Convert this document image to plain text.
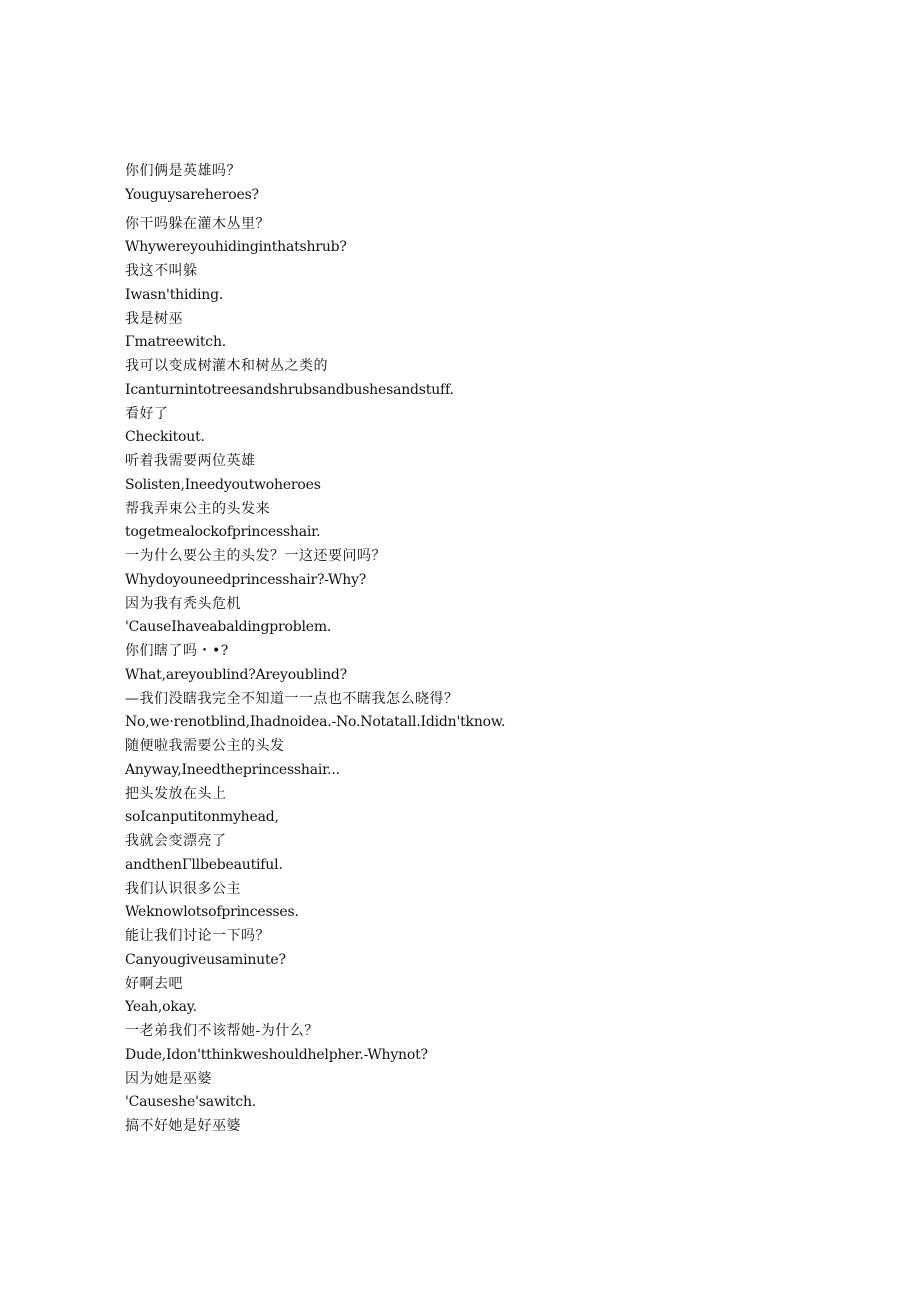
你们俩是英雄吗？
Youguysareheroes?
你干吗躲在灌木丛里？
Whywereyouhidinginthatshrub?
我这不叫躲
Iwasn'thiding.
我是树巫
Γmatreewitch.
我可以变成树灌木和树丛之类的
Icanturnintotreesandshrubsandbushesandstuff.
看好了
Checkitout.
听着我需要两位英雄
Solisten,Ineedyoutwoheroes
帮我弄束公主的头发来
togetmealockofprincesshair.
一为什么要公主的头发？一这还要问吗？
Whydoyouneedprincesshair?-Why?
因为我有秃头危机
'CauseIhaveabaldingproblem.
你们瞎了吗・•?
What,areyoublind?Areyoublind?
—我们没瞎我完全不知道一一点也不瞎我怎么晓得？
No,we·renotblind,Ihadnoidea.-No.Notatall.Ididn'tknow.
随便啦我需要公主的头发
Anyway,Ineedtheprincesshair...
把头发放在头上
soIcanputitonmyhead,
我就会变漂亮了
andthenΓllbebeautiful.
我们认识很多公主
Weknowlotsofprincesses.
能让我们讨论一下吗？
Canyougiveusaminute?
好啊去吧
Yeah,okay.
一老弟我们不该帮她-为什么？
Dude,Idon'tthinkweshouldhelpher.-Whynot?
因为她是巫婆
'Causeshe'sawitch.
搞不好她是好巫婆
